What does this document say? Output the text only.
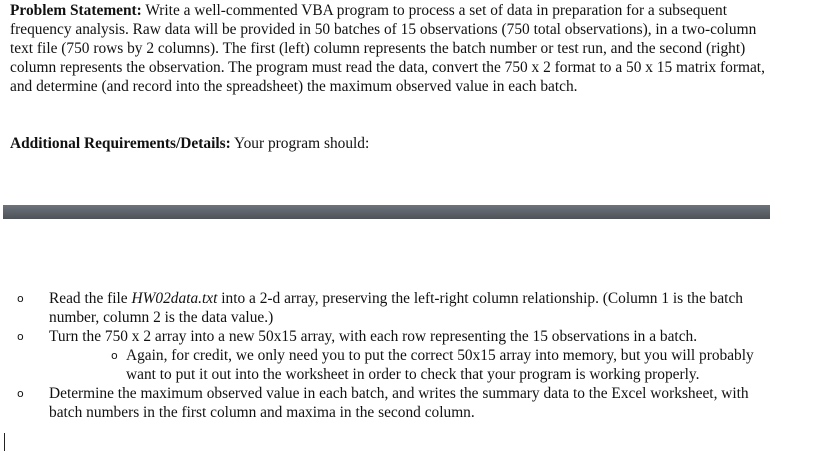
Problem Statement: Write a well-commented VBA program to process a set of data in preparation for a subsequent frequency analysis. Raw data will be provided in 50 batches of 15 observations (750 total observations), in a two-column text file (750 rows by 2 columns). The first (left) column represents the batch number or test run, and the second (right) column represents the observation. The program must read the data, convert the 750 x 2 format to a 50 x 15 matrix format, and determine (and record into the spreadsheet) the maximum observed value in each batch.
Additional Requirements/Details: Your program should:
o Read the file HW02data.txt into a 2-d array, preserving the left-right column relationship. (Column 1 is the batch number, column 2 is the data value.)
o Turn the 750 x 2 array into a new 50x15 array, with each row representing the 15 observations in a batch.
o Again, for credit, we only need you to put the correct 50x15 array into memory, but you will probably want to put it out into the worksheet in order to check that your program is working properly.
o Determine the maximum observed value in each batch, and writes the summary data to the Excel worksheet, with batch numbers in the first column and maxima in the second column.
